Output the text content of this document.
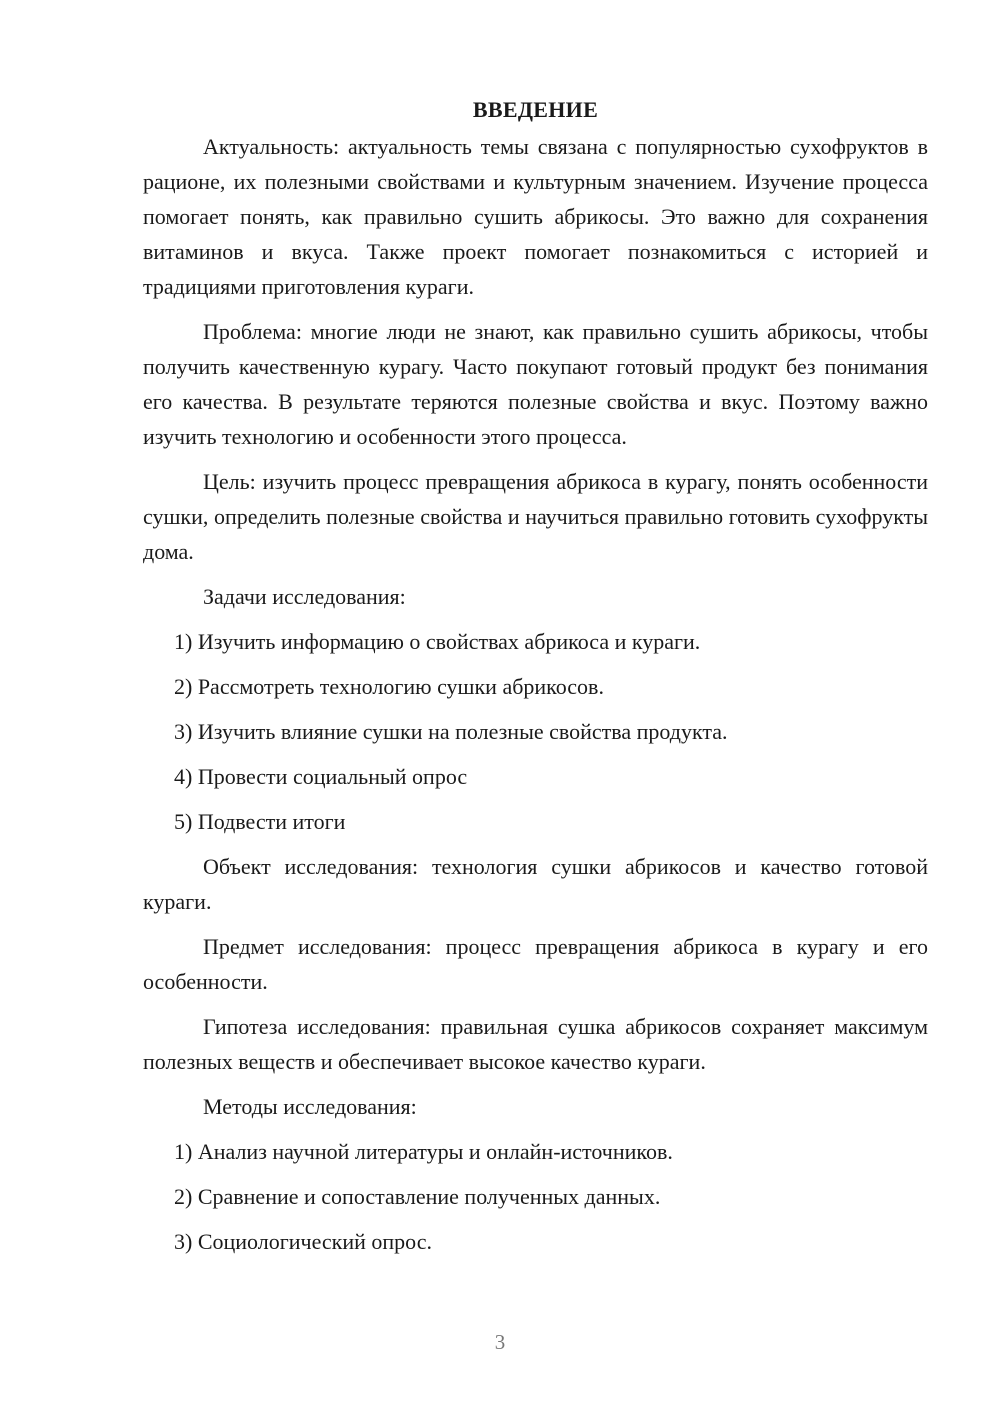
ВВЕДЕНИЕ

Актуальность: актуальность темы связана с популярностью сухофруктов в рационе, их полезными свойствами и культурным значением. Изучение процесса помогает понять, как правильно сушить абрикосы. Это важно для сохранения витаминов и вкуса. Также проект помогает познакомиться с историей и традициями приготовления кураги.

Проблема: многие люди не знают, как правильно сушить абрикосы, чтобы получить качественную курагу. Часто покупают готовый продукт без понимания его качества. В результате теряются полезные свойства и вкус. Поэтому важно изучить технологию и особенности этого процесса.

Цель: изучить процесс превращения абрикоса в курагу, понять особенности сушки, определить полезные свойства и научиться правильно готовить сухофрукты дома.

Задачи исследования:

1) Изучить информацию о свойствах абрикоса и кураги.
2) Рассмотреть технологию сушки абрикосов.
3) Изучить влияние сушки на полезные свойства продукта.
4) Провести социальный опрос
5) Подвести итоги

Объект исследования: технология сушки абрикосов и качество готовой кураги.

Предмет исследования: процесс превращения абрикоса в курагу и его особенности.

Гипотеза исследования: правильная сушка абрикосов сохраняет максимум полезных веществ и обеспечивает высокое качество кураги.

Методы исследования:

1) Анализ научной литературы и онлайн-источников.
2) Сравнение и сопоставление полученных данных.
3) Социологический опрос.
3
